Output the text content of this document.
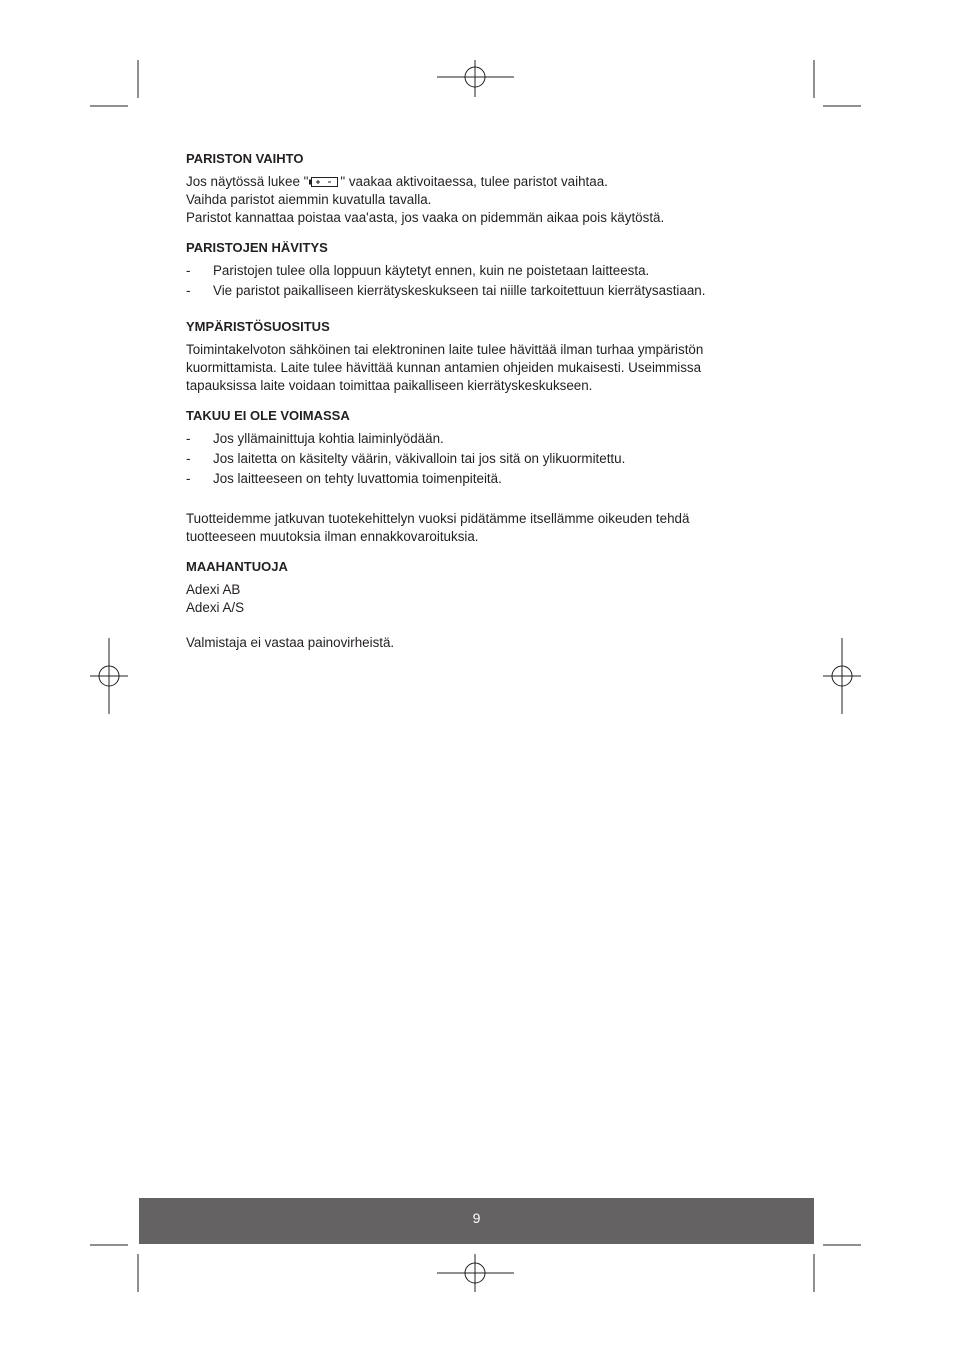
PARISTON VAIHTO

Jos näytössä lukee " " vaakaa aktivoitaessa, tulee paristot vaihtaa.

Vaihda paristot aiemmin kuvatulla tavalla.

Paristot kannattaa poistaa vaa'asta, jos vaaka on pidemmän aikaa pois käytöstä.

PARISTOJEN HÄVITYS
- Paristojen tulee olla loppuun käytetyt ennen, kuin ne poistetaan laitteesta.
- Vie paristot paikalliseen kierrätyskeskukseen tai niille tarkoitettuun kierrätysastiaan.
YMPÄRISTÖSUOSITUS

Toimintakelvoton sähköinen tai elektroninen laite tulee hävittää ilman turhaa ympäristön

kuormittamista. Laite tulee hävittää kunnan antamien ohjeiden mukaisesti. Useimmissa

tapauksissa laite voidaan toimittaa paikalliseen kierrätyskeskukseen.

TAKUU EI OLE VOIMASSA
- Jos yllämainittuja kohtia laiminlyödään.
- Jos laitetta on käsitelty väärin, väkivalloin tai jos sitä on ylikuormitettu.
- Jos laitteeseen on tehty luvattomia toimenpiteitä.

Tuotteidemme jatkuvan tuotekehittelyn vuoksi pidätämme itsellämme oikeuden tehdä

tuotteeseen muutoksia ilman ennakkovaroituksia.

MAAHANTUOJA

Adexi AB

Adexi A/S

Valmistaja ei vastaa painovirheistä.

9
